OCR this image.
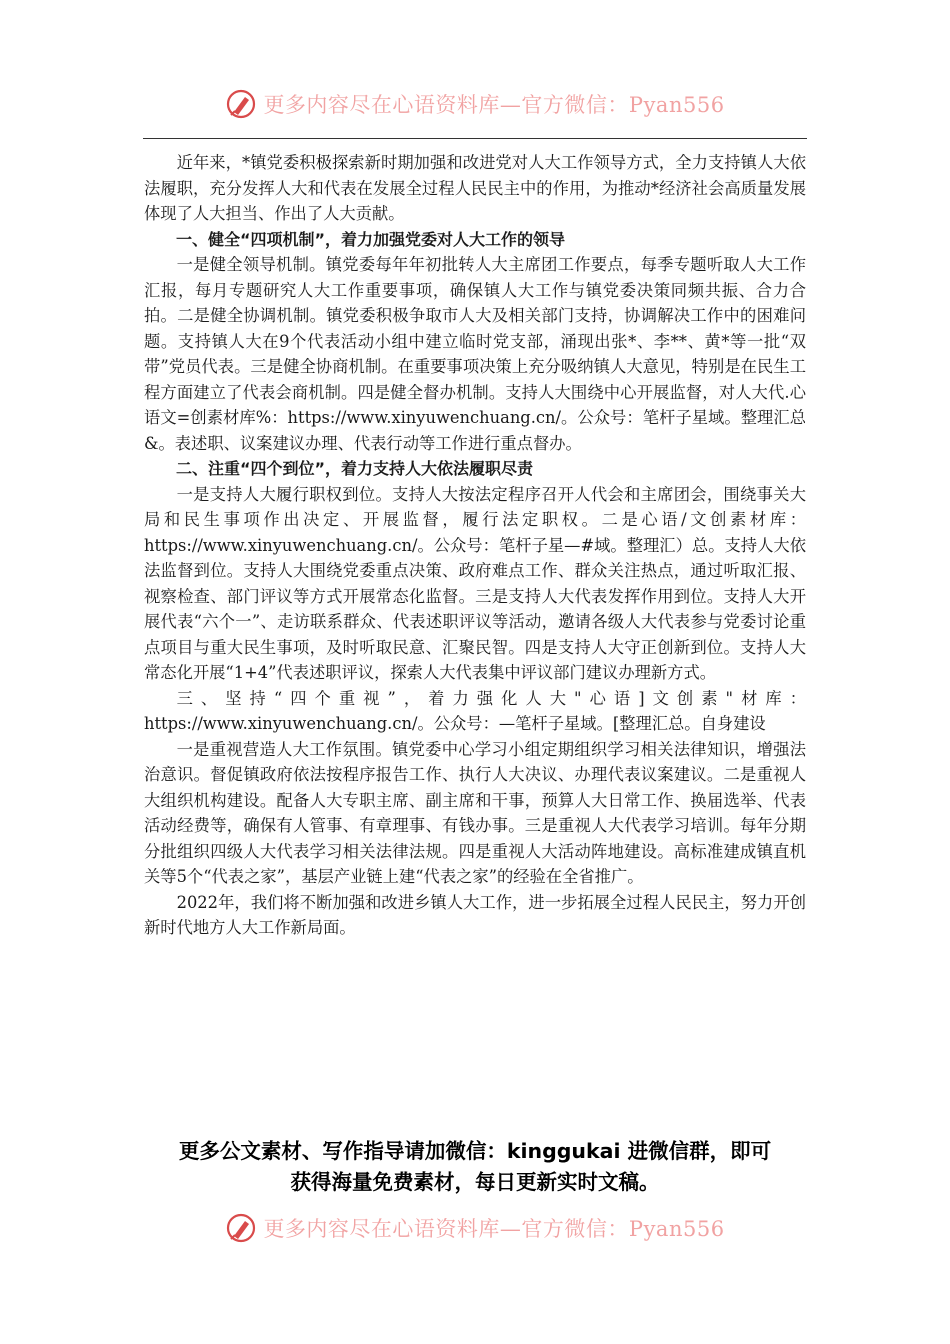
更多内容尽在心语资料库—官方微信：Pyan556

近年来，*镇党委积极探索新时期加强和改进党对人大工作领导方式，全力支持镇人大依法履职，充分发挥人大和代表在发展全过程人民民主中的作用，为推动*经济社会高质量发展体现了人大担当、作出了人大贡献。

一、健全“四项机制”，着力加强党委对人大工作的领导

一是健全领导机制。镇党委每年年初批转人大主席团工作要点，每季专题听取人大工作汇报，每月专题研究人大工作重要事项，确保镇人大工作与镇党委决策同频共振、合力合拍。二是健全协调机制。镇党委积极争取市人大及相关部门支持，协调解决工作中的困难问题。支持镇人大在9个代表活动小组中建立临时党支部，涌现出张*、李**、黄*等一批“双带”党员代表。三是健全协商机制。在重要事项决策上充分吸纳镇人大意见，特别是在民生工程方面建立了代表会商机制。四是健全督办机制。支持人大围绕中心开展监督，对人大代.心语文=创素材库%：https://www.xinyuwenchuang.cn/。公众号：笔杆子星域。整理汇总&。表述职、议案建议办理、代表行动等工作进行重点督办。

二、注重“四个到位”，着力支持人大依法履职尽责

一是支持人大履行职权到位。支持人大按法定程序召开人代会和主席团会，围绕事关大局和民生事项作出决定、开展监督，履行法定职权。二是心语/文创素材库：https://www.xinyuwenchuang.cn/。公众号：笔杆子星—#域。整理汇）总。支持人大依法监督到位。支持人大围绕党委重点决策、政府难点工作、群众关注热点，通过听取汇报、视察检查、部门评议等方式开展常态化监督。三是支持人大代表发挥作用到位。支持人大开展代表“六个一”、走访联系群众、代表述职评议等活动，邀请各级人大代表参与党委讨论重点项目与重大民生事项，及时听取民意、汇聚民智。四是支持人大守正创新到位。支持人大常态化开展“1+4”代表述职评议，探索人大代表集中评议部门建议办理新方式。

三、坚持“四个重视”，着力强化人大"心语]文创素"材库：https://www.xinyuwenchuang.cn/。公众号：—笔杆子星域。[整理汇总。自身建设

一是重视营造人大工作氛围。镇党委中心学习小组定期组织学习相关法律知识，增强法治意识。督促镇政府依法按程序报告工作、执行人大决议、办理代表议案建议。二是重视人大组织机构建设。配备人大专职主席、副主席和干事，预算人大日常工作、换届选举、代表活动经费等，确保有人管事、有章理事、有钱办事。三是重视人大代表学习培训。每年分期分批组织四级人大代表学习相关法律法规。四是重视人大活动阵地建设。高标准建成镇直机关等5个“代表之家”，基层产业链上建“代表之家”的经验在全省推广。

2022年，我们将不断加强和改进乡镇人大工作，进一步拓展全过程人民民主，努力开创新时代地方人大工作新局面。

更多公文素材、写作指导请加微信：kinggukai 进微信群，即可
获得海量免费素材，每日更新实时文稿。
更多内容尽在心语资料库—官方微信：Pyan556
